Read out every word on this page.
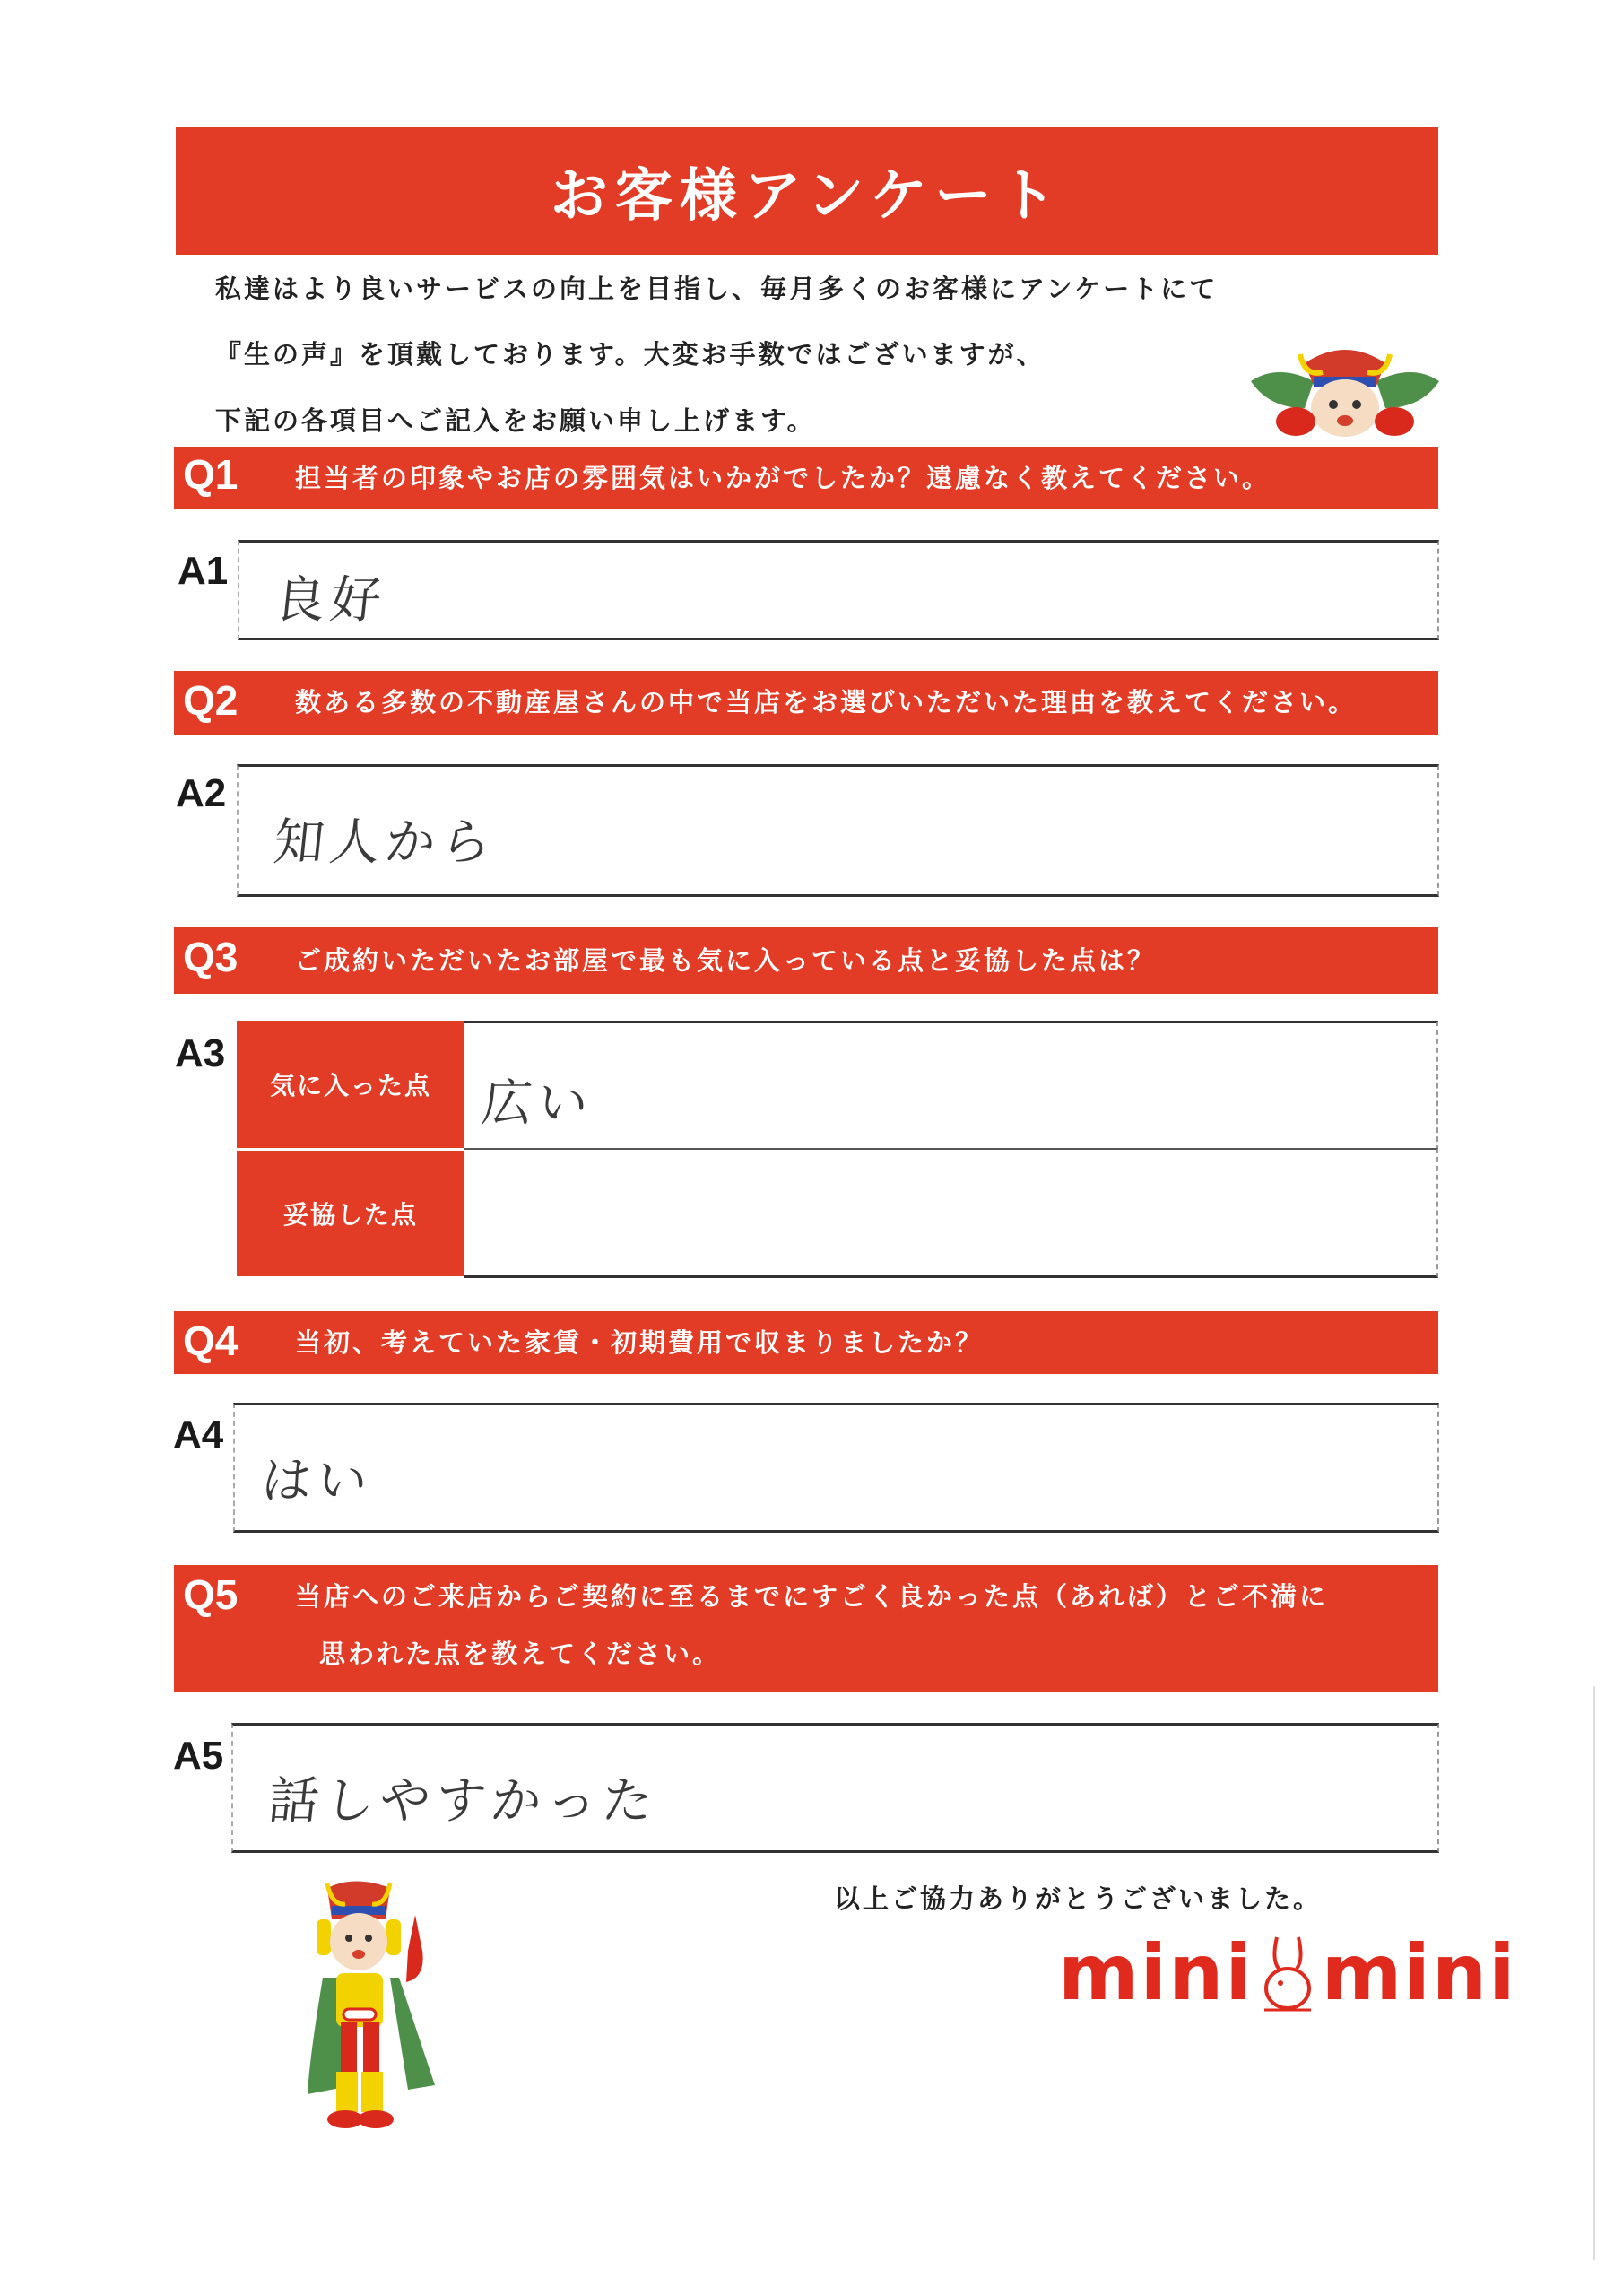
お客様アンケート
私達はより良いサービスの向上を目指し、毎月多くのお客様にアンケートにて
『生の声』を頂戴しております。大変お手数ではございますが、
下記の各項目へご記入をお願い申し上げます。
Q1 担当者の印象やお店の雰囲気はいかがでしたか？遠慮なく教えてください。
A1
良好
Q2 数ある多数の不動産屋さんの中で当店をお選びいただいた理由を教えてください。
A2
知人から
Q3 ご成約いただいたお部屋で最も気に入っている点と妥協した点は？
A3
気に入った点
妥協した点
広い
Q4 当初、考えていた家賃・初期費用で収まりましたか？
A4
はい
Q5 当店へのご来店からご契約に至るまでにすごく良かった点（あれば）とご不満に
思われた点を教えてください。
A5
話しやすかった
以上ご協力ありがとうございました。
mini mini
